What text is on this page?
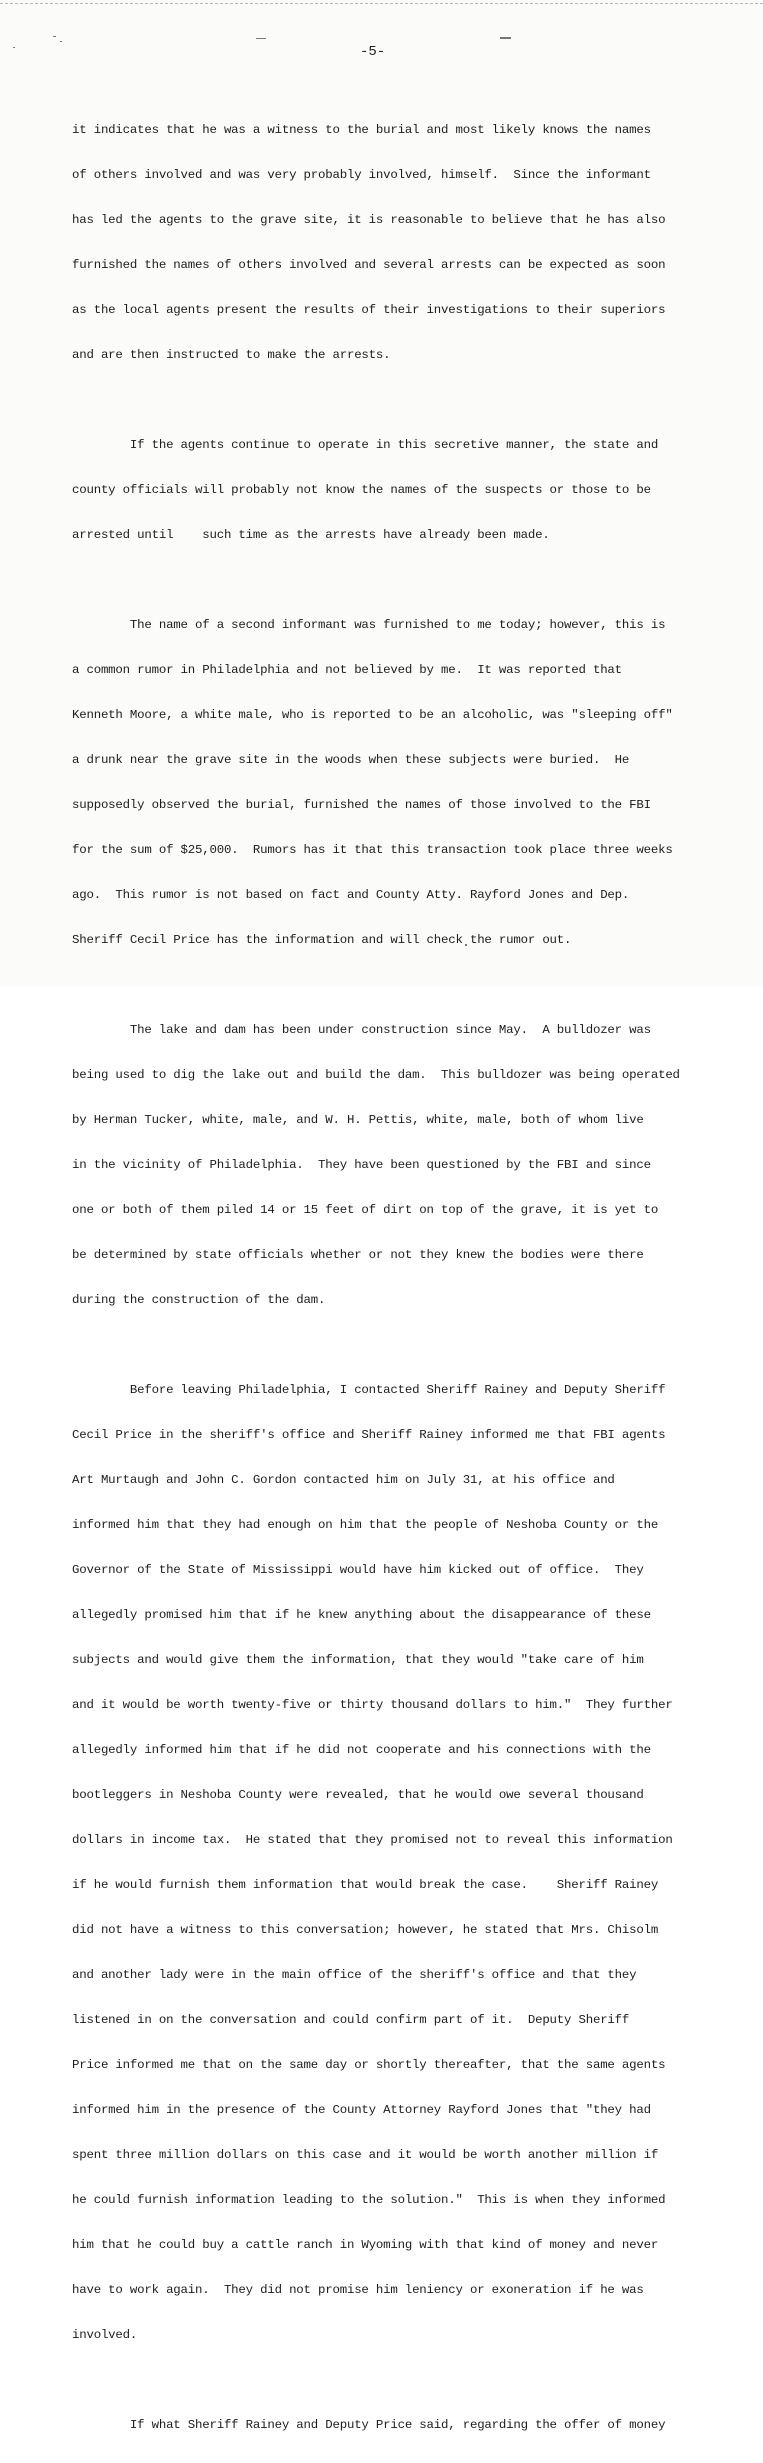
-5-

it indicates that he was a witness to the burial and most likely knows the names

of others involved and was very probably involved, himself.  Since the informant

has led the agents to the grave site, it is reasonable to believe that he has also

furnished the names of others involved and several arrests can be expected as soon

as the local agents present the results of their investigations to their superiors

and are then instructed to make the arrests.

If the agents continue to operate in this secretive manner, the state and

county officials will probably not know the names of the suspects or those to be

arrested until    such time as the arrests have already been made.

The name of a second informant was furnished to me today; however, this is

a common rumor in Philadelphia and not believed by me.  It was reported that

Kenneth Moore, a white male, who is reported to be an alcoholic, was "sleeping off"

a drunk near the grave site in the woods when these subjects were buried.  He

supposedly observed the burial, furnished the names of those involved to the FBI

for the sum of $25,000.  Rumors has it that this transaction took place three weeks

ago.  This rumor is not based on fact and County Atty. Rayford Jones and Dep.

Sheriff Cecil Price has the information and will check the rumor out.

The lake and dam has been under construction since May.  A bulldozer was

being used to dig the lake out and build the dam.  This bulldozer was being operated

by Herman Tucker, white, male, and W. H. Pettis, white, male, both of whom live

in the vicinity of Philadelphia.  They have been questioned by the FBI and since

one or both of them piled 14 or 15 feet of dirt on top of the grave, it is yet to

be determined by state officials whether or not they knew the bodies were there

during the construction of the dam.

Before leaving Philadelphia, I contacted Sheriff Rainey and Deputy Sheriff

Cecil Price in the sheriff's office and Sheriff Rainey informed me that FBI agents

Art Murtaugh and John C. Gordon contacted him on July 31, at his office and

informed him that they had enough on him that the people of Neshoba County or the

Governor of the State of Mississippi would have him kicked out of office.  They

allegedly promised him that if he knew anything about the disappearance of these

subjects and would give them the information, that they would "take care of him

and it would be worth twenty-five or thirty thousand dollars to him."  They further

allegedly informed him that if he did not cooperate and his connections with the

bootleggers in Neshoba County were revealed, that he would owe several thousand

dollars in income tax.  He stated that they promised not to reveal this information

if he would furnish them information that would break the case.    Sheriff Rainey

did not have a witness to this conversation; however, he stated that Mrs. Chisolm

and another lady were in the main office of the sheriff's office and that they

listened in on the conversation and could confirm part of it.  Deputy Sheriff

Price informed me that on the same day or shortly thereafter, that the same agents

informed him in the presence of the County Attorney Rayford Jones that "they had

spent three million dollars on this case and it would be worth another million if

he could furnish information leading to the solution."  This is when they informed

him that he could buy a cattle ranch in Wyoming with that kind of money and never

have to work again.  They did not promise him leniency or exoneration if he was

involved.

If what Sheriff Rainey and Deputy Price said, regarding the offer of money
